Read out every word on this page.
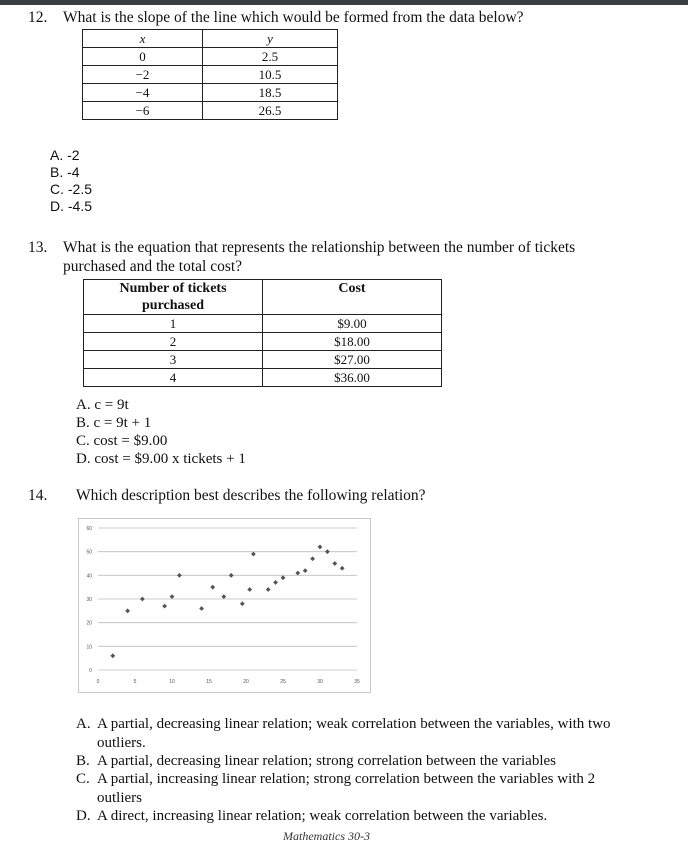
12. What is the slope of the line which would be formed from the data below?
x	y
0	2.5
−2	10.5
−4	18.5
−6	26.5
A. -2
B. -4
C. -2.5
D. -4.5
13. What is the equation that represents the relationship between the number of tickets
purchased and the total cost?
Number of tickets
purchased	Cost
1	$9.00
2	$18.00
3	$27.00
4	$36.00
A. c = 9t
B. c = 9t + 1
C. cost = $9.00
D. cost = $9.00 x tickets + 1
14. Which description best describes the following relation?
0
10
20
30
40
50
60
0	5	10	15	20	25	30	35
A. A partial, decreasing linear relation; weak correlation between the variables, with two
outliers.
B. A partial, decreasing linear relation; strong correlation between the variables
C. A partial, increasing linear relation; strong correlation between the variables with 2
outliers
D. A direct, increasing linear relation; weak correlation between the variables.
Mathematics 30-3
